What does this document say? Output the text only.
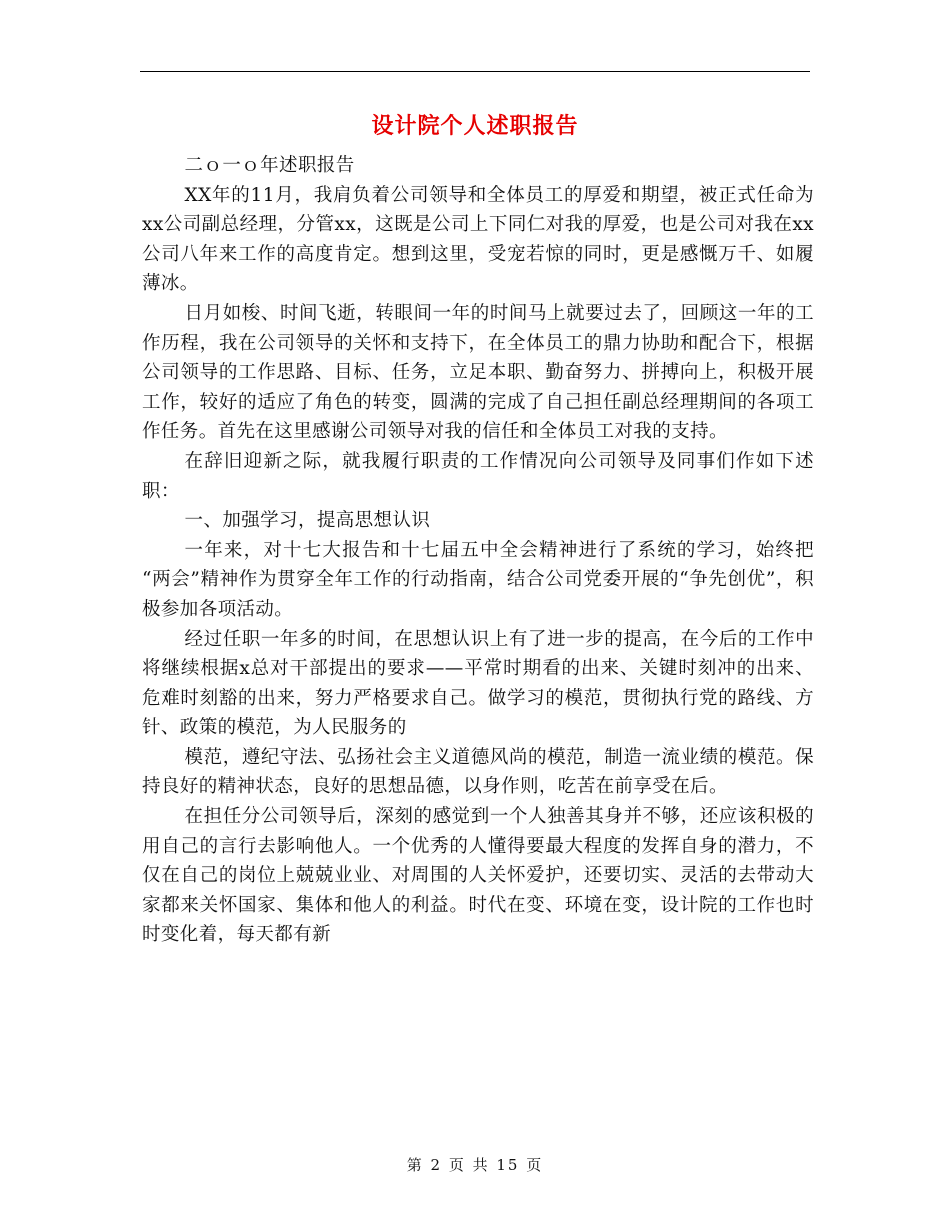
设计院个人述职报告

二ｏ一ｏ年述职报告

XX年的11月，我肩负着公司领导和全体员工的厚爱和期望，被正式任命为xx公司副总经理，分管xx，这既是公司上下同仁对我的厚爱，也是公司对我在xx公司八年来工作的高度肯定。想到这里，受宠若惊的同时，更是感慨万千、如履薄冰。

日月如梭、时间飞逝，转眼间一年的时间马上就要过去了，回顾这一年的工作历程，我在公司领导的关怀和支持下，在全体员工的鼎力协助和配合下，根据公司领导的工作思路、目标、任务，立足本职、勤奋努力、拼搏向上，积极开展工作，较好的适应了角色的转变，圆满的完成了自己担任副总经理期间的各项工作任务。首先在这里感谢公司领导对我的信任和全体员工对我的支持。

在辞旧迎新之际，就我履行职责的工作情况向公司领导及同事们作如下述职：

一、加强学习，提高思想认识

一年来，对十七大报告和十七届五中全会精神进行了系统的学习，始终把 “两会”精神作为贯穿全年工作的行动指南，结合公司党委开展的“争先创优”，积极参加各项活动。

经过任职一年多的时间，在思想认识上有了进一步的提高，在今后的工作中将继续根据x总对干部提出的要求——平常时期看的出来、关键时刻冲的出来、危难时刻豁的出来，努力严格要求自己。做学习的模范，贯彻执行党的路线、方针、政策的模范，为人民服务的

模范，遵纪守法、弘扬社会主义道德风尚的模范，制造一流业绩的模范。保持良好的精神状态，良好的思想品德，以身作则，吃苦在前享受在后。

在担任分公司领导后，深刻的感觉到一个人独善其身并不够，还应该积极的用自己的言行去影响他人。一个优秀的人懂得要最大程度的发挥自身的潜力，不仅在自己的岗位上兢兢业业、对周围的人关怀爱护，还要切实、灵活的去带动大家都来关怀国家、集体和他人的利益。时代在变、环境在变，设计院的工作也时时变化着，每天都有新

第 2 页 共 15 页
